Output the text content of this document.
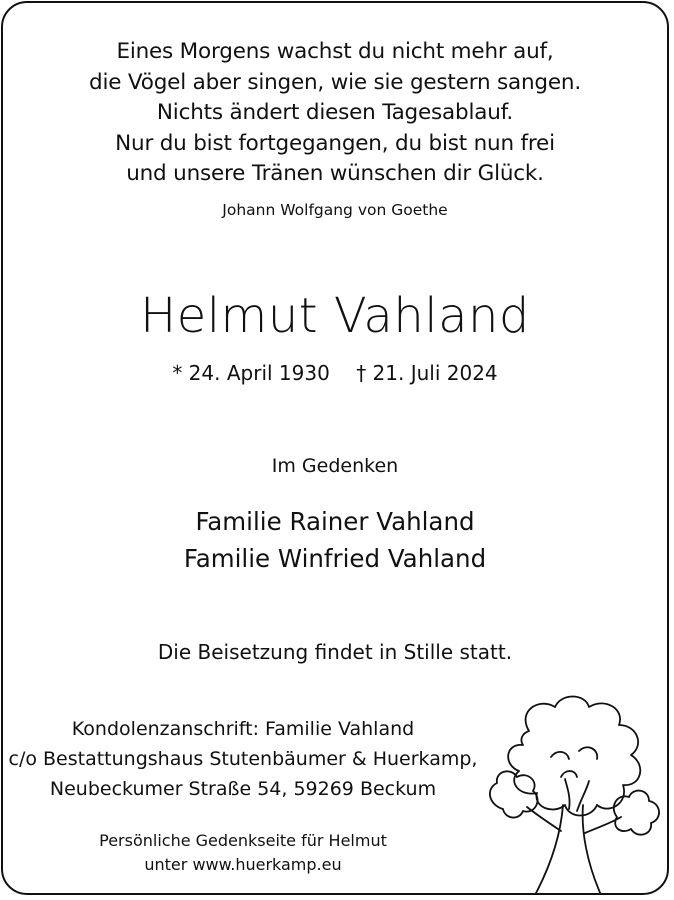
Eines Morgens wachst du nicht mehr auf,
die Vögel aber singen, wie sie gestern sangen.
Nichts ändert diesen Tagesablauf.
Nur du bist fortgegangen, du bist nun frei
und unsere Tränen wünschen dir Glück.
Johann Wolfgang von Goethe
Helmut Vahland
* 24. April 1930 † 21. Juli 2024
Im Gedenken
Familie Rainer Vahland
Familie Winfried Vahland
Die Beisetzung findet in Stille statt.
Kondolenzanschrift: Familie Vahland
c/o Bestattungshaus Stutenbäumer & Huerkamp,
Neubeckumer Straße 54, 59269 Beckum
Persönliche Gedenkseite für Helmut
unter www.huerkamp.eu
